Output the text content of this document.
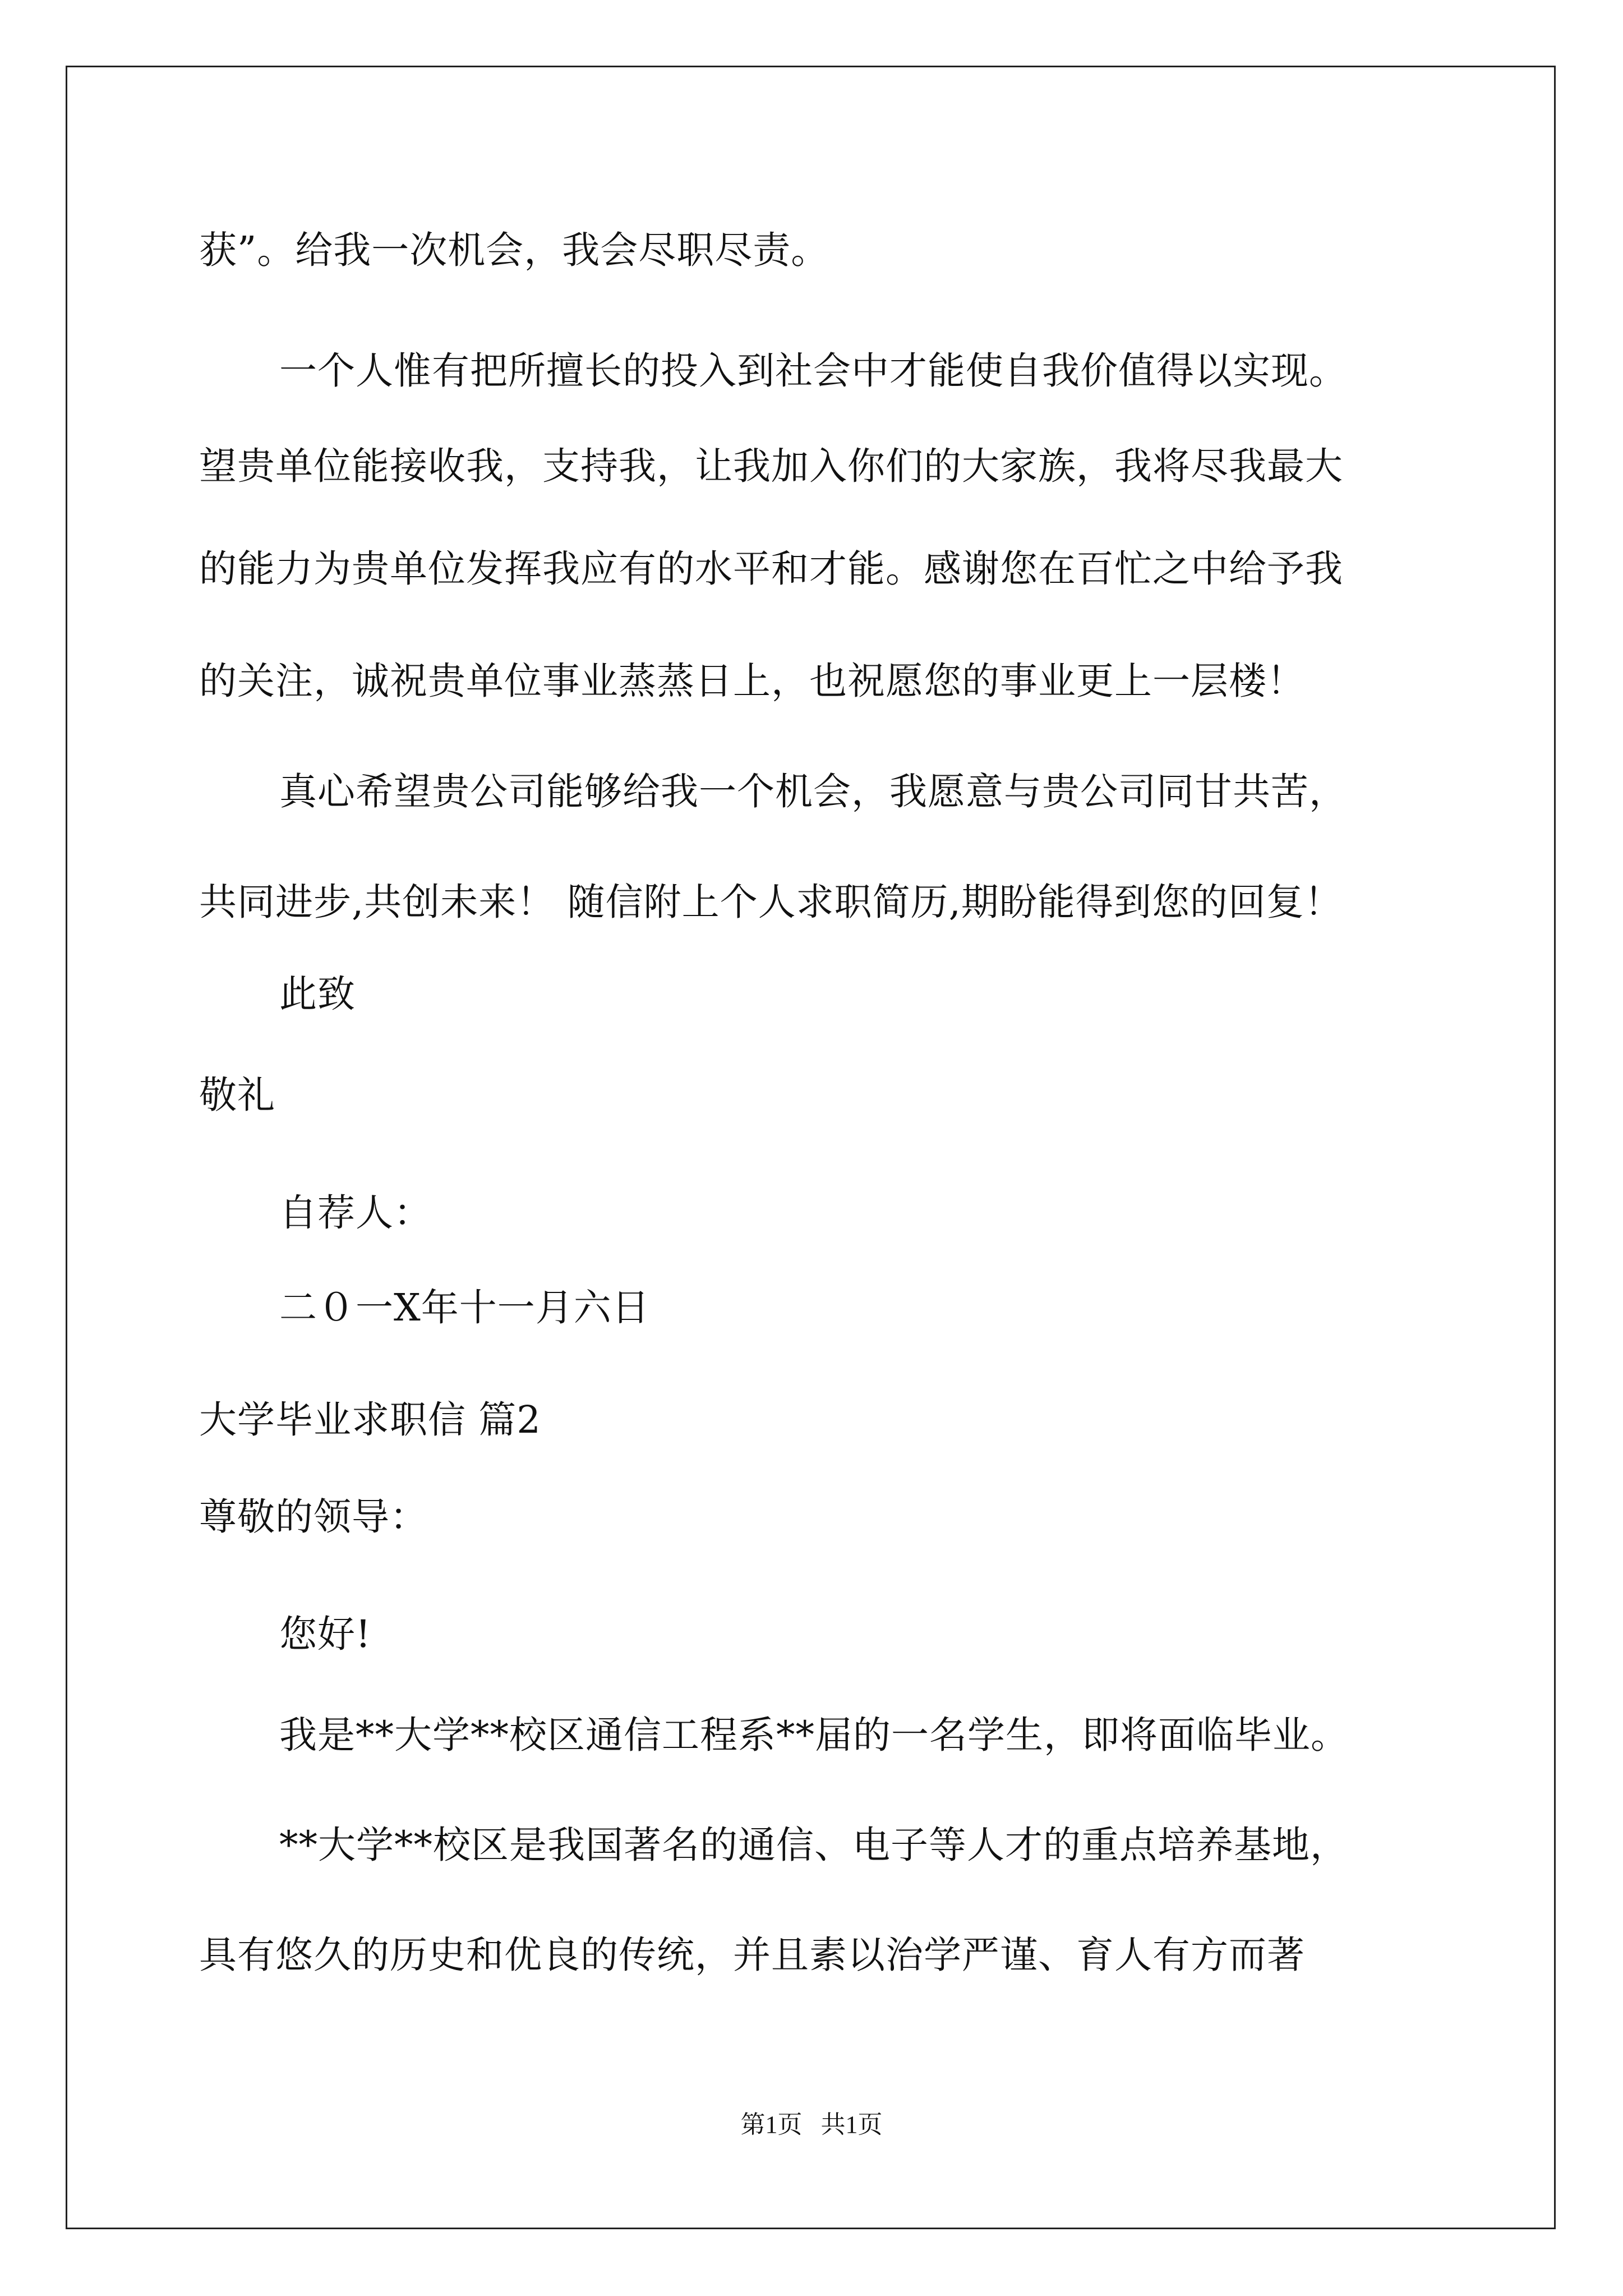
获”。给我一次机会，我会尽职尽责。
一个人惟有把所擅长的投入到社会中才能使自我价值得以实现。
望贵单位能接收我，支持我，让我加入你们的大家族，我将尽我最大
的能力为贵单位发挥我应有的水平和才能。感谢您在百忙之中给予我
的关注，诚祝贵单位事业蒸蒸日上，也祝愿您的事业更上一层楼！
真心希望贵公司能够给我一个机会，我愿意与贵公司同甘共苦，
共同进步,共创未来！ 随信附上个人求职简历,期盼能得到您的回复！
此致
敬礼
自荐人：
二０一X年十一月六日
大学毕业求职信 篇2
尊敬的领导：
您好!
我是**大学**校区通信工程系**届的一名学生，即将面临毕业。
**大学**校区是我国著名的通信、电子等人才的重点培养基地，
具有悠久的历史和优良的传统，并且素以治学严谨、育人有方而著
第1页   共1页
